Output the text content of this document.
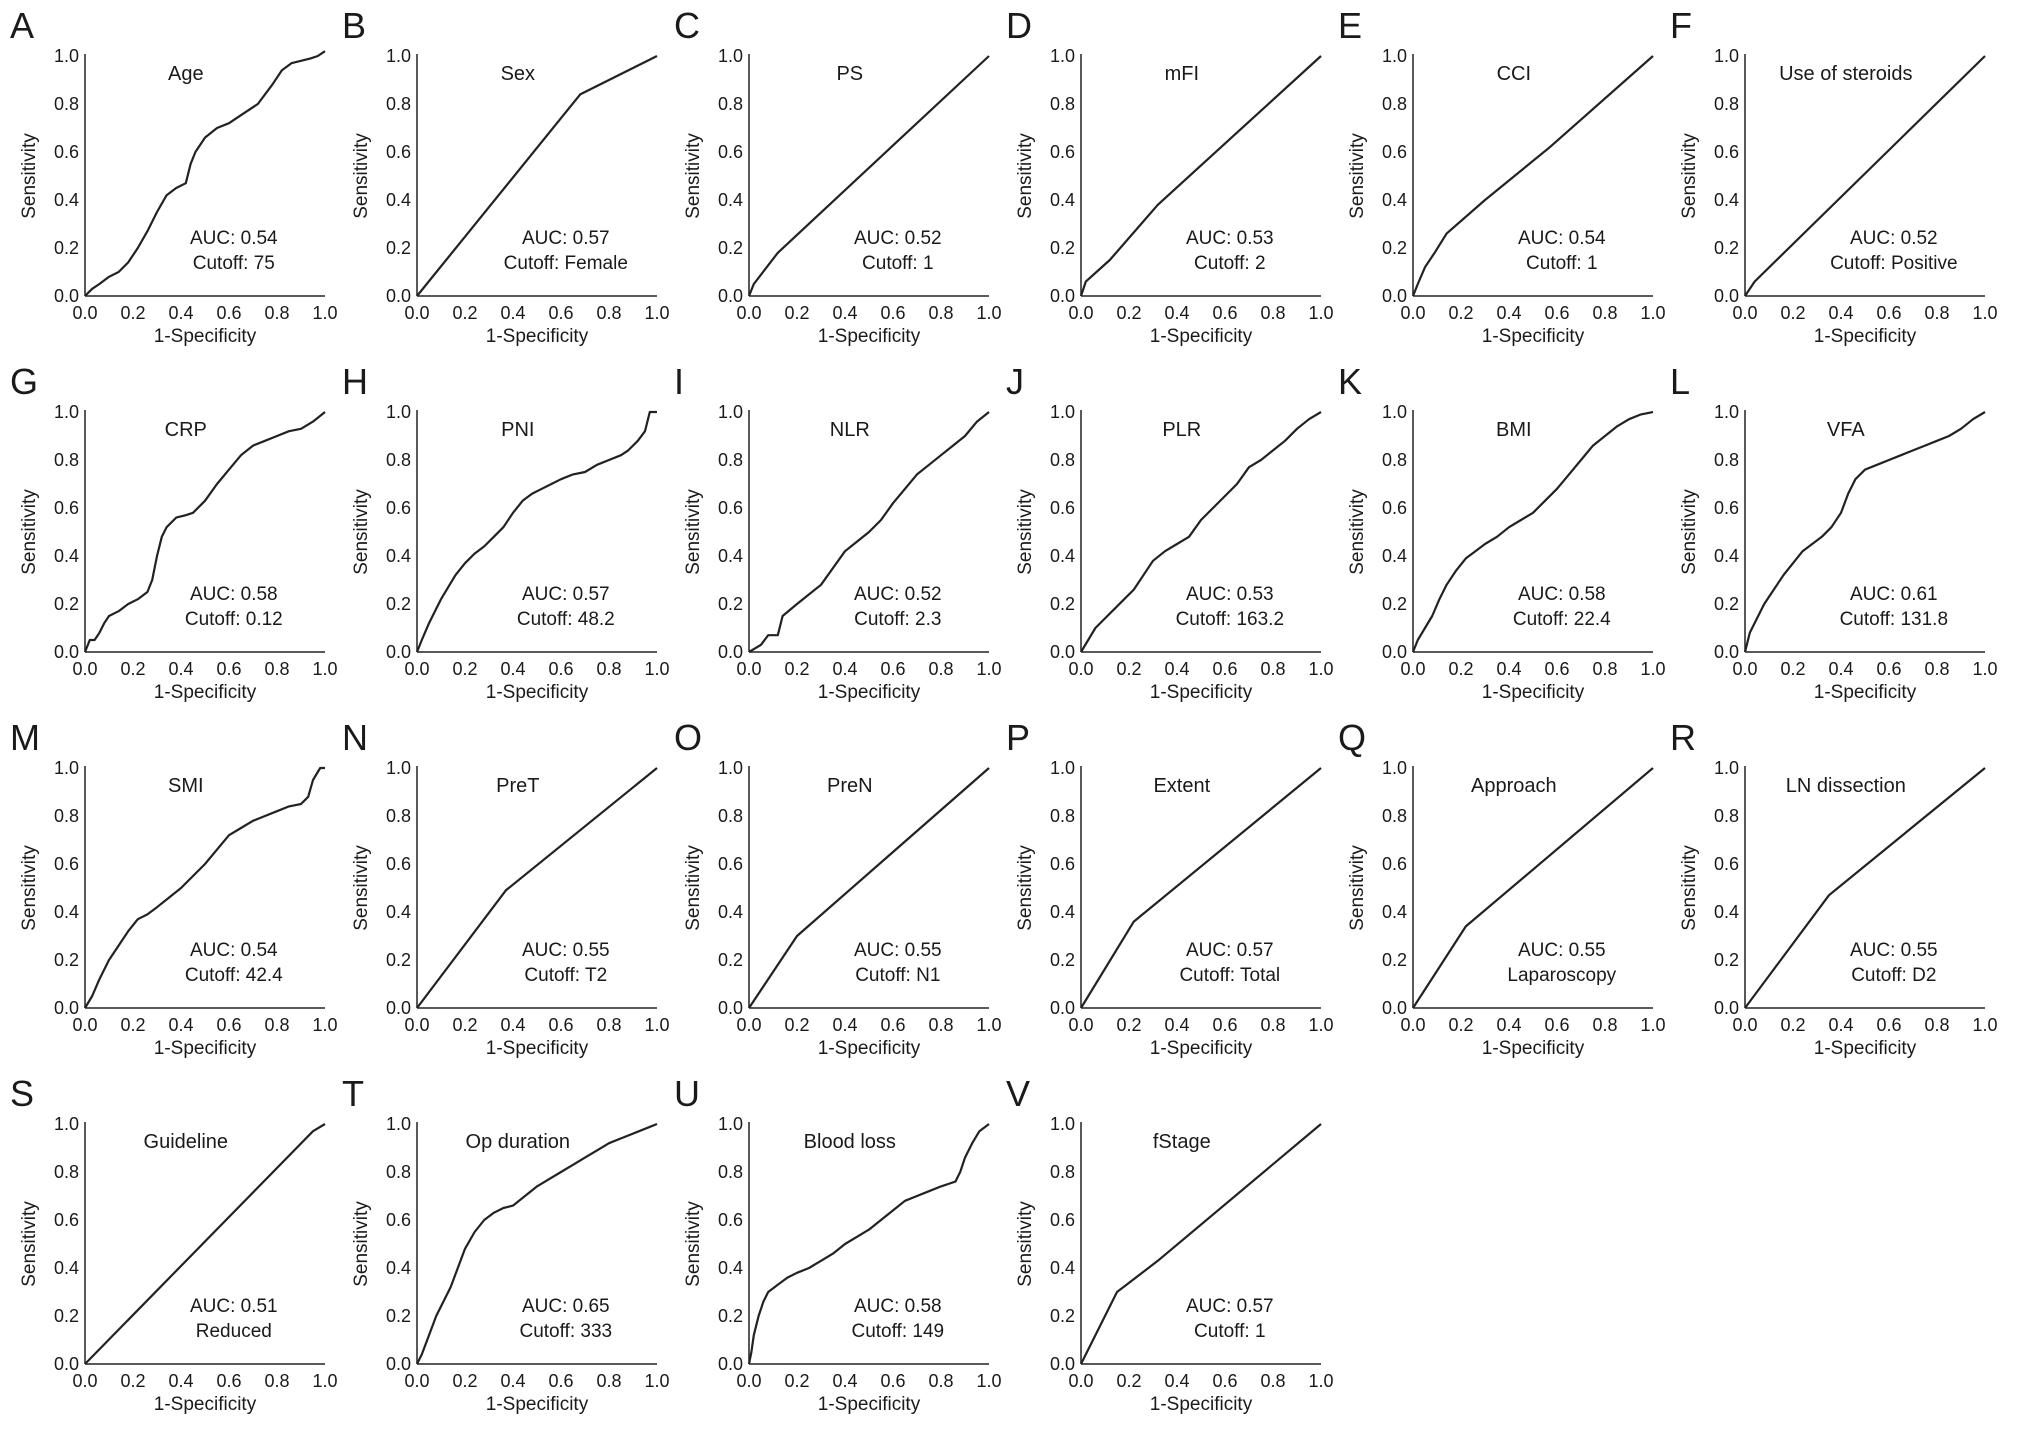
A
Age
0.0
0.0
0.2
0.2
0.4
0.4
0.6
0.6
0.8
0.8
1.0
1.0
1-Specificity
Sensitivity
AUC: 0.54
Cutoff: 75
B
Sex
0.0
0.0
0.2
0.2
0.4
0.4
0.6
0.6
0.8
0.8
1.0
1.0
1-Specificity
Sensitivity
AUC: 0.57
Cutoff: Female
C
PS
0.0
0.0
0.2
0.2
0.4
0.4
0.6
0.6
0.8
0.8
1.0
1.0
1-Specificity
Sensitivity
AUC: 0.52
Cutoff: 1
D
mFI
0.0
0.0
0.2
0.2
0.4
0.4
0.6
0.6
0.8
0.8
1.0
1.0
1-Specificity
Sensitivity
AUC: 0.53
Cutoff: 2
E
CCI
0.0
0.0
0.2
0.2
0.4
0.4
0.6
0.6
0.8
0.8
1.0
1.0
1-Specificity
Sensitivity
AUC: 0.54
Cutoff: 1
F
Use of steroids
0.0
0.0
0.2
0.2
0.4
0.4
0.6
0.6
0.8
0.8
1.0
1.0
1-Specificity
Sensitivity
AUC: 0.52
Cutoff: Positive
G
CRP
0.0
0.0
0.2
0.2
0.4
0.4
0.6
0.6
0.8
0.8
1.0
1.0
1-Specificity
Sensitivity
AUC: 0.58
Cutoff: 0.12
H
PNI
0.0
0.0
0.2
0.2
0.4
0.4
0.6
0.6
0.8
0.8
1.0
1.0
1-Specificity
Sensitivity
AUC: 0.57
Cutoff: 48.2
I
NLR
0.0
0.0
0.2
0.2
0.4
0.4
0.6
0.6
0.8
0.8
1.0
1.0
1-Specificity
Sensitivity
AUC: 0.52
Cutoff: 2.3
J
PLR
0.0
0.0
0.2
0.2
0.4
0.4
0.6
0.6
0.8
0.8
1.0
1.0
1-Specificity
Sensitivity
AUC: 0.53
Cutoff: 163.2
K
BMI
0.0
0.0
0.2
0.2
0.4
0.4
0.6
0.6
0.8
0.8
1.0
1.0
1-Specificity
Sensitivity
AUC: 0.58
Cutoff: 22.4
L
VFA
0.0
0.0
0.2
0.2
0.4
0.4
0.6
0.6
0.8
0.8
1.0
1.0
1-Specificity
Sensitivity
AUC: 0.61
Cutoff: 131.8
M
SMI
0.0
0.0
0.2
0.2
0.4
0.4
0.6
0.6
0.8
0.8
1.0
1.0
1-Specificity
Sensitivity
AUC: 0.54
Cutoff: 42.4
N
PreT
0.0
0.0
0.2
0.2
0.4
0.4
0.6
0.6
0.8
0.8
1.0
1.0
1-Specificity
Sensitivity
AUC: 0.55
Cutoff: T2
O
PreN
0.0
0.0
0.2
0.2
0.4
0.4
0.6
0.6
0.8
0.8
1.0
1.0
1-Specificity
Sensitivity
AUC: 0.55
Cutoff: N1
P
Extent
0.0
0.0
0.2
0.2
0.4
0.4
0.6
0.6
0.8
0.8
1.0
1.0
1-Specificity
Sensitivity
AUC: 0.57
Cutoff: Total
Q
Approach
0.0
0.0
0.2
0.2
0.4
0.4
0.6
0.6
0.8
0.8
1.0
1.0
1-Specificity
Sensitivity
AUC: 0.55
Laparoscopy
R
LN dissection
0.0
0.0
0.2
0.2
0.4
0.4
0.6
0.6
0.8
0.8
1.0
1.0
1-Specificity
Sensitivity
AUC: 0.55
Cutoff: D2
S
Guideline
0.0
0.0
0.2
0.2
0.4
0.4
0.6
0.6
0.8
0.8
1.0
1.0
1-Specificity
Sensitivity
AUC: 0.51
Reduced
T
Op duration
0.0
0.0
0.2
0.2
0.4
0.4
0.6
0.6
0.8
0.8
1.0
1.0
1-Specificity
Sensitivity
AUC: 0.65
Cutoff: 333
U
Blood loss
0.0
0.0
0.2
0.2
0.4
0.4
0.6
0.6
0.8
0.8
1.0
1.0
1-Specificity
Sensitivity
AUC: 0.58
Cutoff: 149
V
fStage
0.0
0.0
0.2
0.2
0.4
0.4
0.6
0.6
0.8
0.8
1.0
1.0
1-Specificity
Sensitivity
AUC: 0.57
Cutoff: 1
